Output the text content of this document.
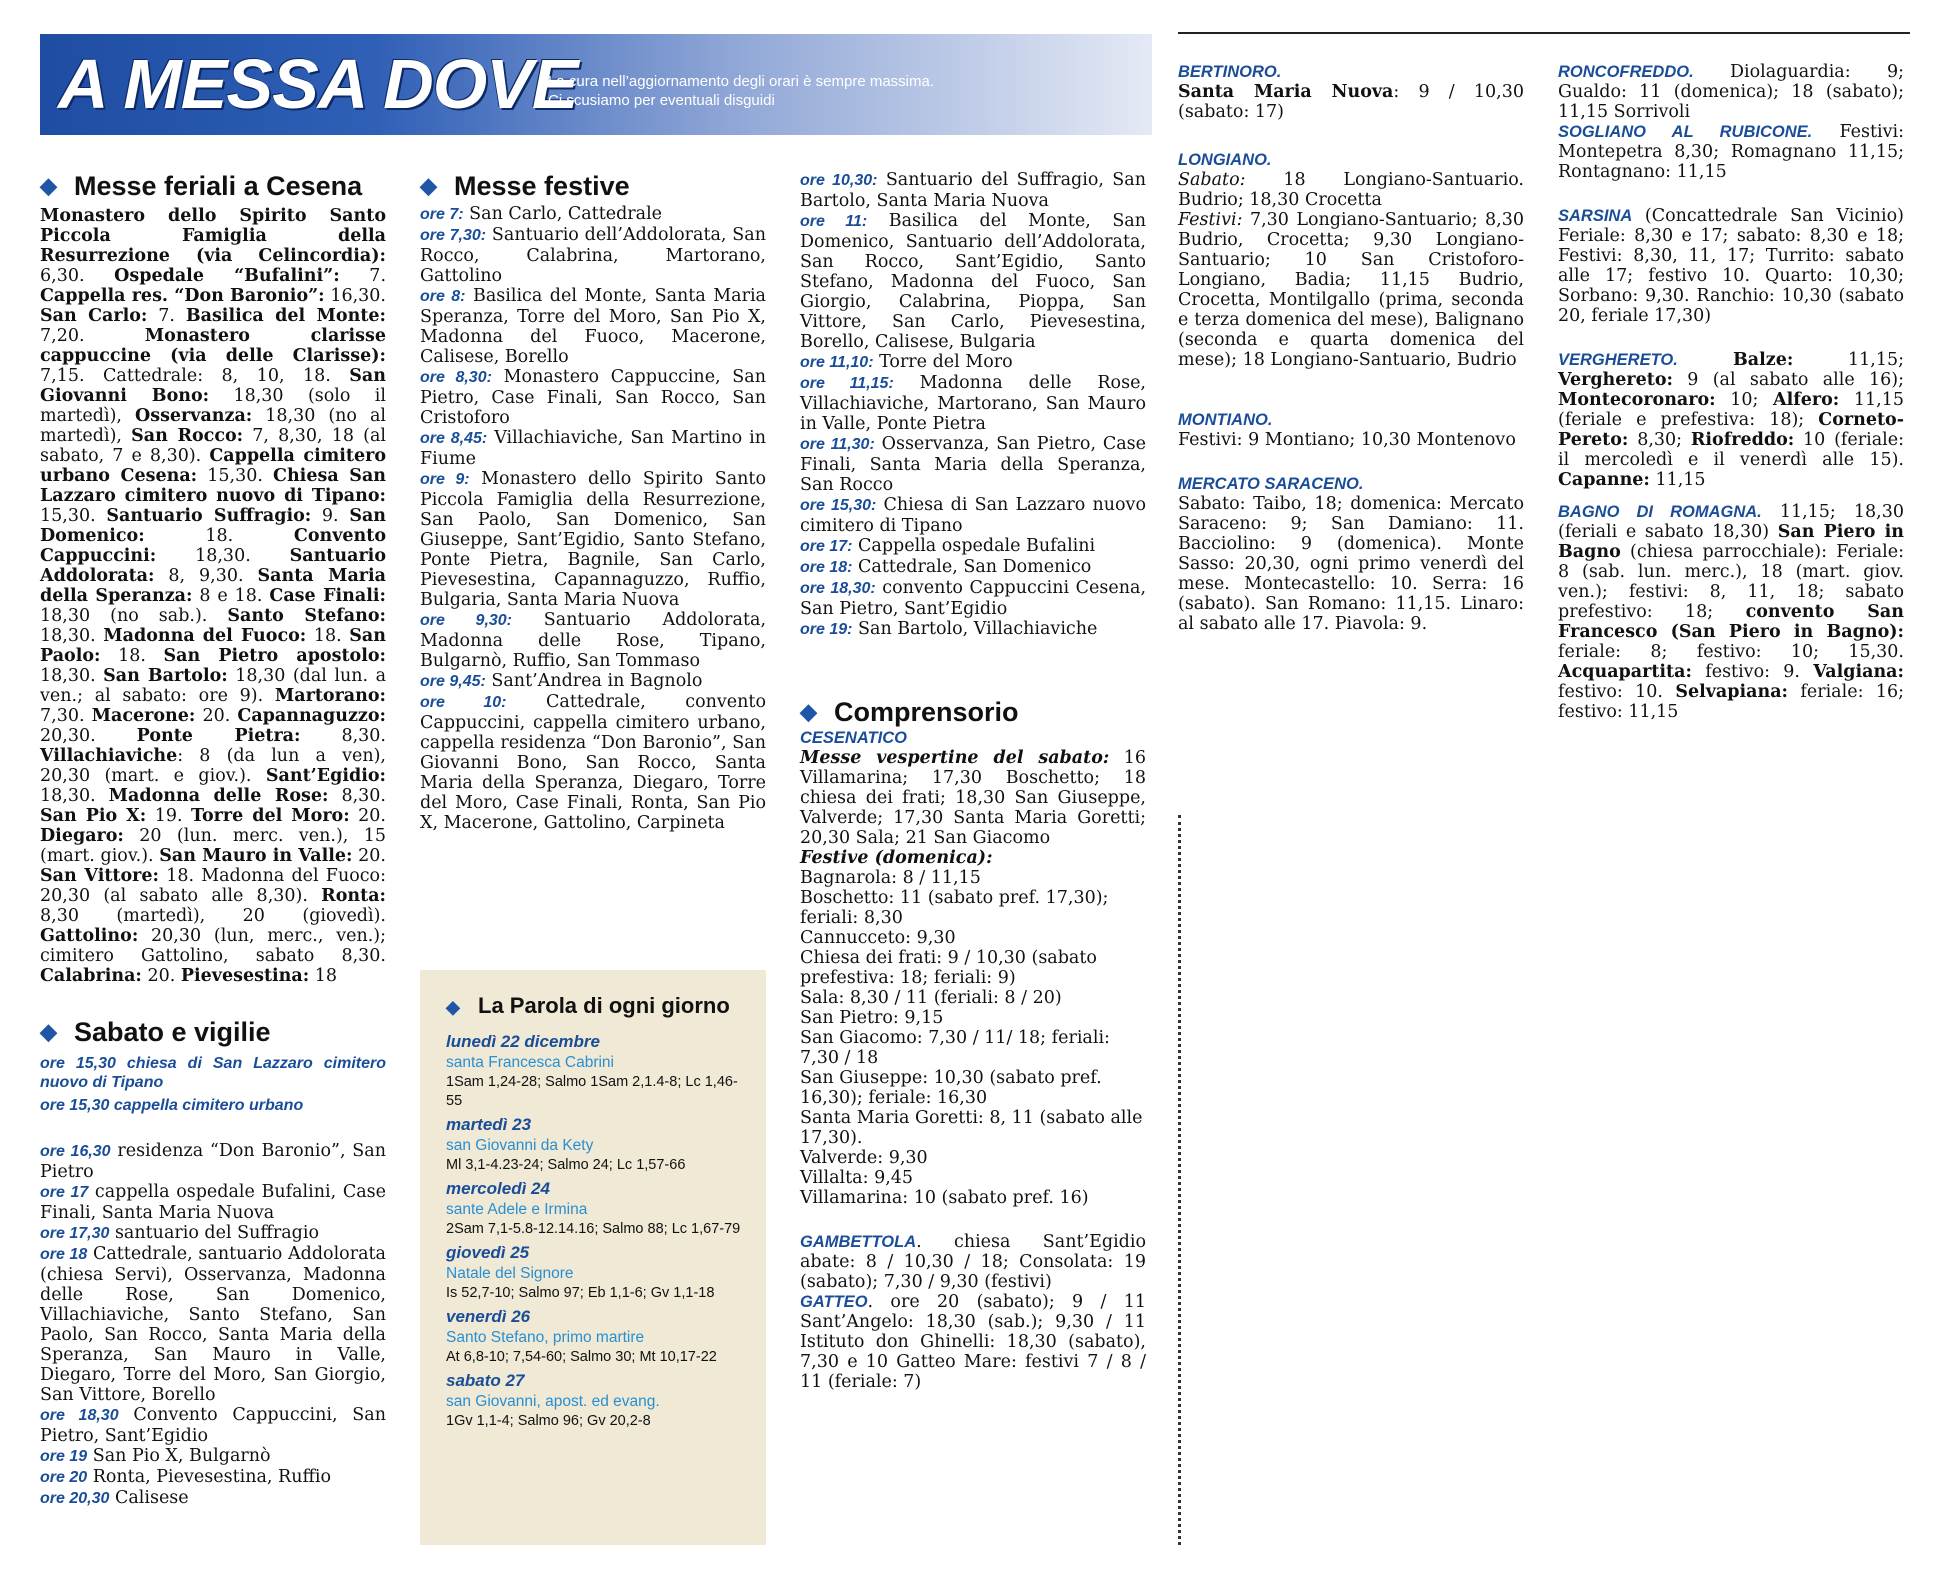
A MESSA DOVE
La cura nell’aggiornamento degli orari è sempre massima.
Ci scusiamo per eventuali disguidi
◆ Messe feriali a Cesena

Monastero dello Spirito Santo Piccola Famiglia della Resurrezione (via Celincordia): 6,30. Ospedale “Bufalini”: 7. Cappella res. “Don Baronio”: 16,30. San Carlo: 7. Basilica del Monte: 7,20. Monastero clarisse cappuccine (via delle Clarisse): 7,15. Cattedrale: 8, 10, 18. San Giovanni Bono: 18,30 (solo il martedì), Osservanza: 18,30 (no al martedì), San Rocco: 7, 8,30, 18 (al sabato, 7 e 8,30). Cappella cimitero urbano Cesena: 15,30. Chiesa San Lazzaro cimitero nuovo di Tipano: 15,30. Santuario Suffragio: 9. San Domenico: 18. Convento Cappuccini: 18,30. Santuario Addolorata: 8, 9,30. Santa Maria della Speranza: 8 e 18. Case Finali: 18,30 (no sab.). Santo Stefano: 18,30. Madonna del Fuoco: 18. San Paolo: 18. San Pietro apostolo: 18,30. San Bartolo: 18,30 (dal lun. a ven.; al sabato: ore 9). Martorano: 7,30. Macerone: 20. Capannaguzzo: 20,30. Ponte Pietra: 8,30. Villachiaviche: 8 (da lun a ven), 20,30 (mart. e giov.). Sant’Egidio: 18,30. Madonna delle Rose: 8,30. San Pio X: 19. Torre del Moro: 20. Diegaro: 20 (lun. merc. ven.), 15 (mart. giov.). San Mauro in Valle: 20. San Vittore: 18. Madonna del Fuoco: 20,30 (al sabato alle 8,30). Ronta: 8,30 (martedì), 20 (giovedì). Gattolino: 20,30 (lun, merc., ven.); cimitero Gattolino, sabato 8,30. Calabrina: 20. Pievesestina: 18

◆ Sabato e vigilie

ore 15,30 chiesa di San Lazzaro cimitero nuovo di Tipano

ore 15,30 cappella cimitero urbano

ore 16,30 residenza “Don Baronio”, San Pietro

ore 17 cappella ospedale Bufalini, Case Finali, Santa Maria Nuova

ore 17,30 santuario del Suffragio

ore 18 Cattedrale, santuario Addolorata (chiesa Servi), Osservanza, Madonna delle Rose, San Domenico, Villachiaviche, Santo Stefano, San Paolo, San Rocco, Santa Maria della Speranza, San Mauro in Valle, Diegaro, Torre del Moro, San Giorgio, San Vittore, Borello

ore 18,30 Convento Cappuccini, San Pietro, Sant’Egidio

ore 19 San Pio X, Bulgarnò

ore 20 Ronta, Pievesestina, Ruffio

ore 20,30 Calisese

◆ Messe festive

ore 7: San Carlo, Cattedrale

ore 7,30: Santuario dell’Addolorata, San Rocco, Calabrina, Martorano, Gattolino

ore 8: Basilica del Monte, Santa Maria Speranza, Torre del Moro, San Pio X, Madonna del Fuoco, Macerone, Calisese, Borello

ore 8,30: Monastero Cappuccine, San Pietro, Case Finali, San Rocco, San Cristoforo

ore 8,45: Villachiaviche, San Martino in Fiume

ore 9: Monastero dello Spirito Santo Piccola Famiglia della Resurrezione, San Paolo, San Domenico, San Giuseppe, Sant’Egidio, Santo Stefano, Ponte Pietra, Bagnile, San Carlo, Pievesestina, Capannaguzzo, Ruffio, Bulgaria, Santa Maria Nuova

ore 9,30: Santuario Addolorata, Madonna delle Rose, Tipano, Bulgarnò, Ruffio, San Tommaso

ore 9,45: Sant’Andrea in Bagnolo

ore 10: Cattedrale, convento Cappuccini, cappella cimitero urbano, cappella residenza “Don Baronio”, San Giovanni Bono, San Rocco, Santa Maria della Speranza, Diegaro, Torre del Moro, Case Finali, Ronta, San Pio X, Macerone, Gattolino, Carpineta

◆ La Parola di ogni giorno
lunedì 22 dicembre
santa Francesca Cabrini
1Sam 1,24-28; Salmo 1Sam 2,1.4-8; Lc 1,46-55
martedì 23
san Giovanni da Kety
Ml 3,1-4.23-24; Salmo 24; Lc 1,57-66
mercoledì 24
sante Adele e Irmina
2Sam 7,1-5.8-12.14.16; Salmo 88; Lc 1,67-79
giovedì 25
Natale del Signore
Is 52,7-10; Salmo 97; Eb 1,1-6; Gv 1,1-18
venerdì 26
Santo Stefano, primo martire
At 6,8-10; 7,54-60; Salmo 30; Mt 10,17-22
sabato 27
san Giovanni, apost. ed evang.
1Gv 1,1-4; Salmo 96; Gv 20,2-8

ore 10,30: Santuario del Suffragio, San Bartolo, Santa Maria Nuova

ore 11: Basilica del Monte, San Domenico, Santuario dell’Addolorata, San Rocco, Sant’Egidio, Santo Stefano, Madonna del Fuoco, San Giorgio, Calabrina, Pioppa, San Vittore, San Carlo, Pievesestina, Borello, Calisese, Bulgaria

ore 11,10: Torre del Moro

ore 11,15: Madonna delle Rose, Villachiaviche, Martorano, San Mauro in Valle, Ponte Pietra

ore 11,30: Osservanza, San Pietro, Case Finali, Santa Maria della Speranza, San Rocco

ore 15,30: Chiesa di San Lazzaro nuovo cimitero di Tipano

ore 17: Cappella ospedale Bufalini

ore 18: Cattedrale, San Domenico

ore 18,30: convento Cappuccini Cesena, San Pietro, Sant’Egidio

ore 19: San Bartolo, Villachiaviche

◆ Comprensorio

CESENATICO

Messe vespertine del sabato: 16 Villamarina; 17,30 Boschetto; 18 chiesa dei frati; 18,30 San Giuseppe, Valverde; 17,30 Santa Maria Goretti; 20,30 Sala; 21 San Giacomo

Festive (domenica):

Bagnarola: 8 / 11,15

Boschetto: 11 (sabato pref. 17,30); feriali: 8,30

Cannucceto: 9,30

Chiesa dei frati: 9 / 10,30 (sabato prefestiva: 18; feriali: 9)

Sala: 8,30 / 11 (feriali: 8 / 20)

San Pietro: 9,15

San Giacomo: 7,30 / 11/ 18; feriali: 7,30 / 18

San Giuseppe: 10,30 (sabato pref. 16,30); feriale: 16,30

Santa Maria Goretti: 8, 11 (sabato alle 17,30).

Valverde: 9,30

Villalta: 9,45

Villamarina: 10 (sabato pref. 16)

GAMBETTOLA. chiesa Sant’Egidio abate: 8 / 10,30 / 18; Consolata: 19 (sabato); 7,30 / 9,30 (festivi)

GATTEO. ore 20 (sabato); 9 / 11 Sant’Angelo: 18,30 (sab.); 9,30 / 11 Istituto don Ghinelli: 18,30 (sabato), 7,30 e 10 Gatteo Mare: festivi 7 / 8 / 11 (feriale: 7)

BERTINORO.

Santa Maria Nuova: 9 / 10,30 (sabato: 17)

LONGIANO.

Sabato: 18 Longiano-Santuario. Budrio; 18,30 Crocetta

Festivi: 7,30 Longiano-Santuario; 8,30 Budrio, Crocetta; 9,30 Longiano-Santuario; 10 San Cristoforo-Longiano, Badia; 11,15 Budrio, Crocetta, Montilgallo (prima, seconda e terza domenica del mese), Balignano (seconda e quarta domenica del mese); 18 Longiano-Santuario, Budrio

MONTIANO.

Festivi: 9 Montiano; 10,30 Montenovo

MERCATO SARACENO.

Sabato: Taibo, 18; domenica: Mercato Saraceno: 9; San Damiano: 11. Bacciolino: 9 (domenica). Monte Sasso: 20,30, ogni primo venerdì del mese. Montecastello: 10. Serra: 16 (sabato). San Romano: 11,15. Linaro: al sabato alle 17. Piavola: 9.

RONCOFREDDO. Diolaguardia: 9; Gualdo: 11 (domenica); 18 (sabato); 11,15 Sorrivoli

SOGLIANO AL RUBICONE. Festivi: Montepetra 8,30; Romagnano 11,15; Rontagnano: 11,15

SARSINA (Concattedrale San Vicinio) Feriale: 8,30 e 17; sabato: 8,30 e 18; Festivi: 8,30, 11, 17; Turrito: sabato alle 17; festivo 10. Quarto: 10,30; Sorbano: 9,30. Ranchio: 10,30 (sabato 20, feriale 17,30)

VERGHERETO. Balze: 11,15; Verghereto: 9 (al sabato alle 16); Montecoronaro: 10; Alfero: 11,15 (feriale e prefestiva: 18); Corneto-Pereto: 8,30; Riofreddo: 10 (feriale: il mercoledì e il venerdì alle 15). Capanne: 11,15

BAGNO DI ROMAGNA. 11,15; 18,30 (feriali e sabato 18,30) San Piero in Bagno (chiesa parrocchiale): Feriale: 8 (sab. lun. merc.), 18 (mart. giov. ven.); festivi: 8, 11, 18; sabato prefestivo: 18; convento San Francesco (San Piero in Bagno): feriale: 8; festivo: 10; 15,30. Acquapartita: festivo: 9. Valgiana: festivo: 10. Selvapiana: feriale: 16; festivo: 11,15
